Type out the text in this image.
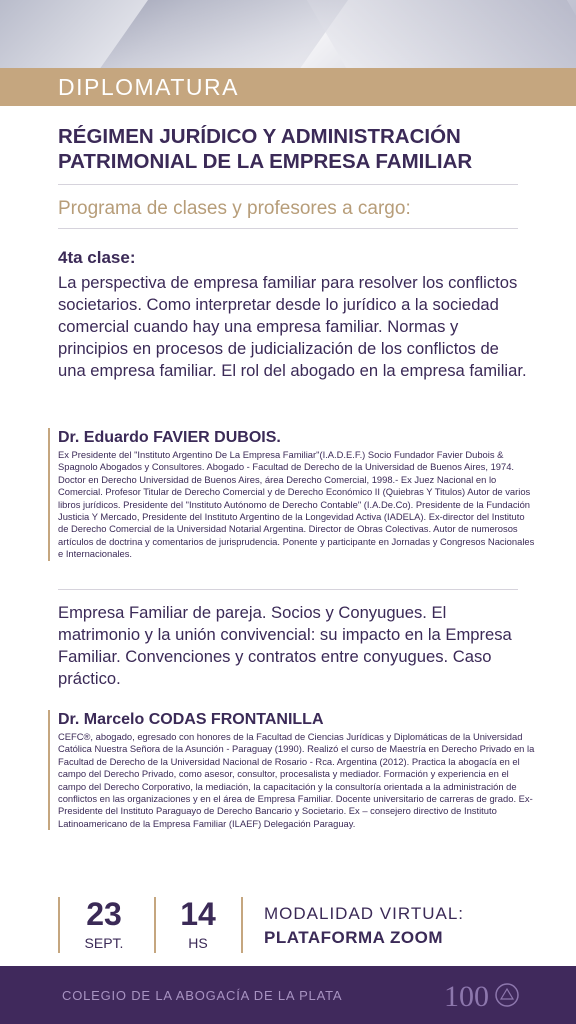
DIPLOMATURA
RÉGIMEN JURÍDICO Y ADMINISTRACIÓN
PATRIMONIAL DE LA EMPRESA FAMILIAR
Programa de clases y profesores a cargo:
4ta clase:
La perspectiva de empresa familiar para resolver los conflictos societarios. Como interpretar desde lo jurídico a la sociedad comercial cuando hay una empresa familiar. Normas y principios en procesos de judicialización de los conflictos de una empresa familiar. El rol del abogado en la empresa familiar.
Dr. Eduardo FAVIER DUBOIS.
Ex Presidente del "Instituto Argentino De La Empresa Familiar"(I.A.D.E.F.) Socio Fundador Favier Dubois & Spagnolo Abogados y Consultores. Abogado - Facultad de Derecho de la Universidad de Buenos Aires, 1974. Doctor en Derecho Universidad de Buenos Aires, área Derecho Comercial, 1998.- Ex Juez Nacional en lo Comercial. Profesor Titular de Derecho Comercial y de Derecho Económico II (Quiebras Y Titulos) Autor de varios libros jurídicos. Presidente del "Instituto Autónomo de Derecho Contable" (I.A.De.Co). Presidente de la Fundación Justicia Y Mercado, Presidente del Instituto Argentino de la Longevidad Activa (IADELA). Ex-director del Instituto de Derecho Comercial de la Universidad Notarial Argentina. Director de Obras Colectivas. Autor de numerosos artículos de doctrina y comentarios de jurisprudencia. Ponente y participante en Jornadas y Congresos Nacionales e Internacionales.
Empresa Familiar de pareja. Socios y Conyugues. El matrimonio y la unión convivencial: su impacto en la Empresa Familiar. Convenciones y contratos entre conyugues. Caso práctico.
Dr. Marcelo CODAS FRONTANILLA
CEFC®, abogado, egresado con honores de la Facultad de Ciencias Jurídicas y Diplomáticas de la Universidad Católica Nuestra Señora de la Asunción - Paraguay (1990). Realizó el curso de Maestría en Derecho Privado en la Facultad de Derecho de la Universidad Nacional de Rosario - Rca. Argentina (2012). Practica la abogacía en el campo del Derecho Privado, como asesor, consultor, procesalista y mediador. Formación y experiencia en el campo del Derecho Corporativo, la mediación, la capacitación y la consultoría orientada a la administración de conflictos en las organizaciones y en el área de Empresa Familiar. Docente universitario de carreras de grado. Ex- Presidente del Instituto Paraguayo de Derecho Bancario y Societario. Ex – consejero directivo de Instituto Latinoamericano de la Empresa Familiar (ILAEF) Delegación Paraguay.
23
SEPT.
14
HS
MODALIDAD VIRTUAL:
PLATAFORMA ZOOM
COLEGIO DE LA ABOGACÍA DE LA PLATA	100
